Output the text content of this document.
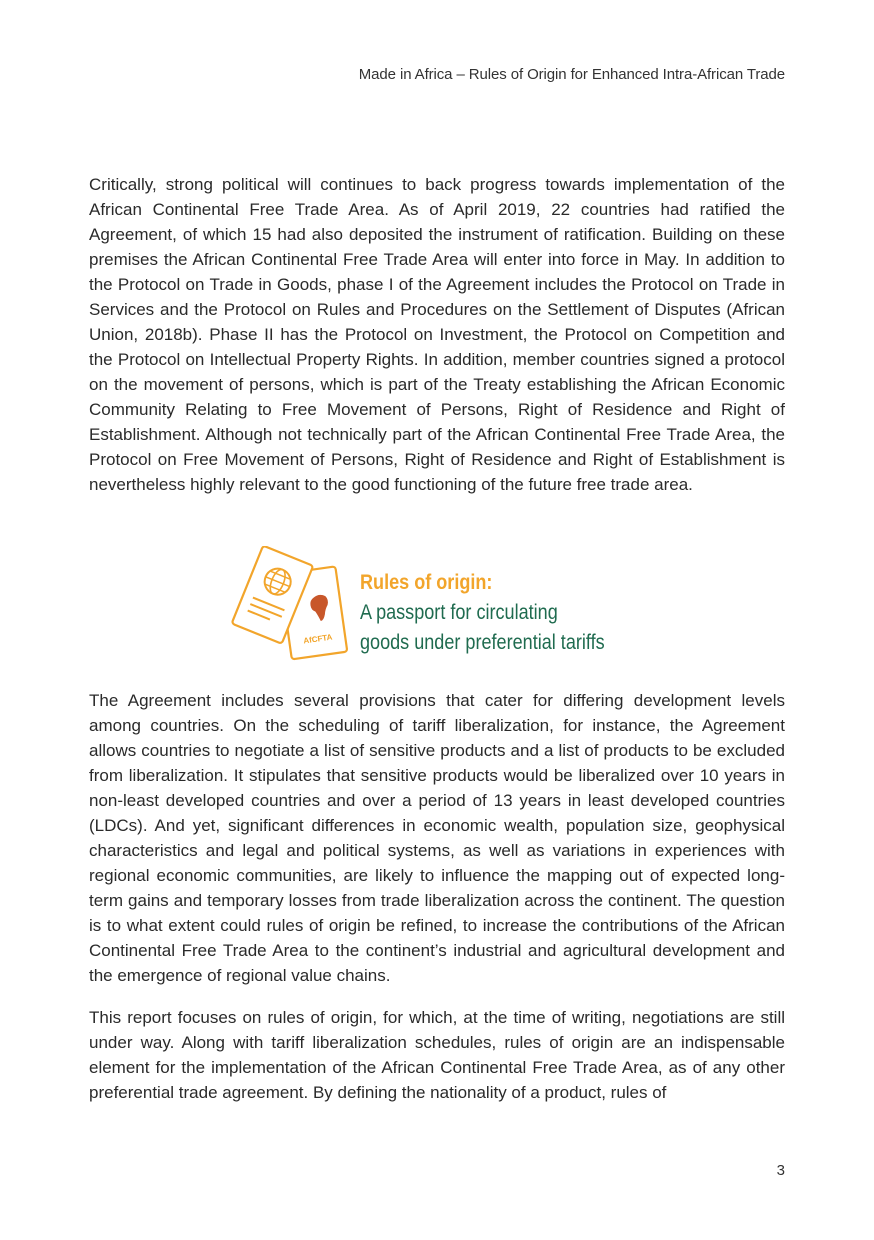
Made in Africa – Rules of Origin for Enhanced Intra-African Trade

Critically, strong political will continues to back progress towards implementation of the African Continental Free Trade Area. As of April 2019, 22 countries had ratified the Agreement, of which 15 had also deposited the instrument of ratification. Building on these premises the African Continental Free Trade Area will enter into force in May. In addition to the Protocol on Trade in Goods, phase I of the Agreement includes the Protocol on Trade in Services and the Protocol on Rules and Procedures on the Settlement of Disputes (African Union, 2018b). Phase II has the Protocol on Investment, the Protocol on Competition and the Protocol on Intellectual Property Rights. In addition, member countries signed a protocol on the movement of persons, which is part of the Treaty establishing the African Economic Community Relating to Free Movement of Persons, Right of Residence and Right of Establishment. Although not technically part of the African Continental Free Trade Area, the Protocol on Free Movement of Persons, Right of Residence and Right of Establishment is nevertheless highly relevant to the good functioning of the future free trade area.

AfCFTA
Rules of origin:
A passport for circulating
goods under preferential tariffs

The Agreement includes several provisions that cater for differing development levels among countries. On the scheduling of tariff liberalization, for instance, the Agreement allows countries to negotiate a list of sensitive products and a list of products to be excluded from liberalization. It stipulates that sensitive products would be liberalized over 10 years in non-least developed countries and over a period of 13 years in least developed countries (LDCs). And yet, significant differences in economic wealth, population size, geophysical characteristics and legal and political systems, as well as variations in experiences with regional economic communities, are likely to influence the mapping out of expected long-term gains and temporary losses from trade liberalization across the continent. The question is to what extent could rules of origin be refined, to increase the contributions of the African Continental Free Trade Area to the continent’s industrial and agricultural development and the emergence of regional value chains.

This report focuses on rules of origin, for which, at the time of writing, negotiations are still under way. Along with tariff liberalization schedules, rules of origin are an indispensable element for the implementation of the African Continental Free Trade Area, as of any other preferential trade agreement. By defining the nationality of a product, rules of

3
